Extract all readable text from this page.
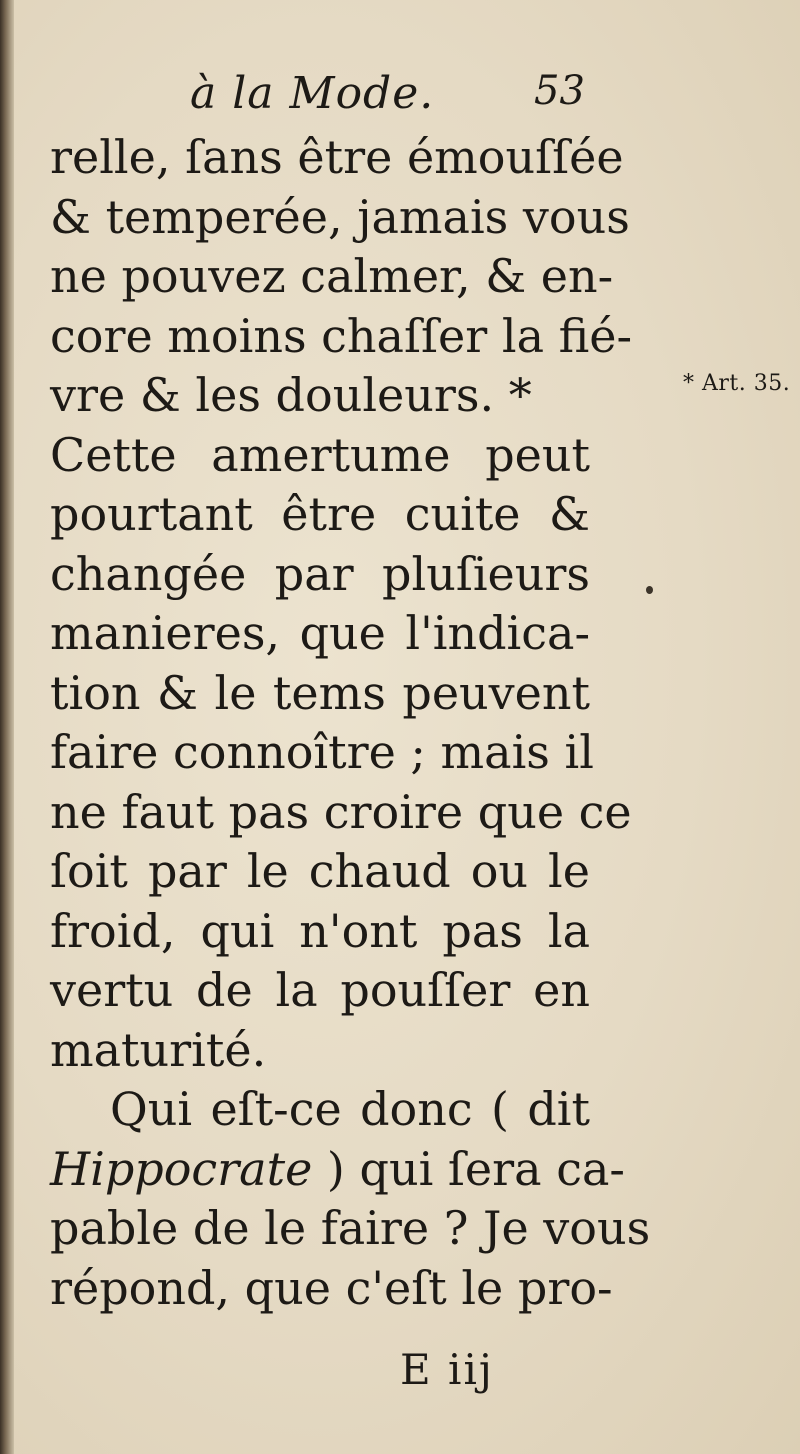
à la Mode. 53
relle, ſans être émouſſée
& temperée, jamais vous
ne pouvez calmer, & en-
core moins chaſſer la fié-
vre & les douleurs. *
Cette amertume peut
pourtant être cuite &
changée par pluſieurs
manieres, que l'indica-
tion & le tems peuvent
faire connoître ; mais il
ne faut pas croire que ce
ſoit par le chaud ou le
froid, qui n'ont pas la
vertu de la pouſſer en
maturité.
Qui eſt-ce donc ( dit
Hippocrate ) qui ſera ca-
pable de le faire ? Je vous
répond, que c'eſt le pro-
* Art. 35.
E iij
